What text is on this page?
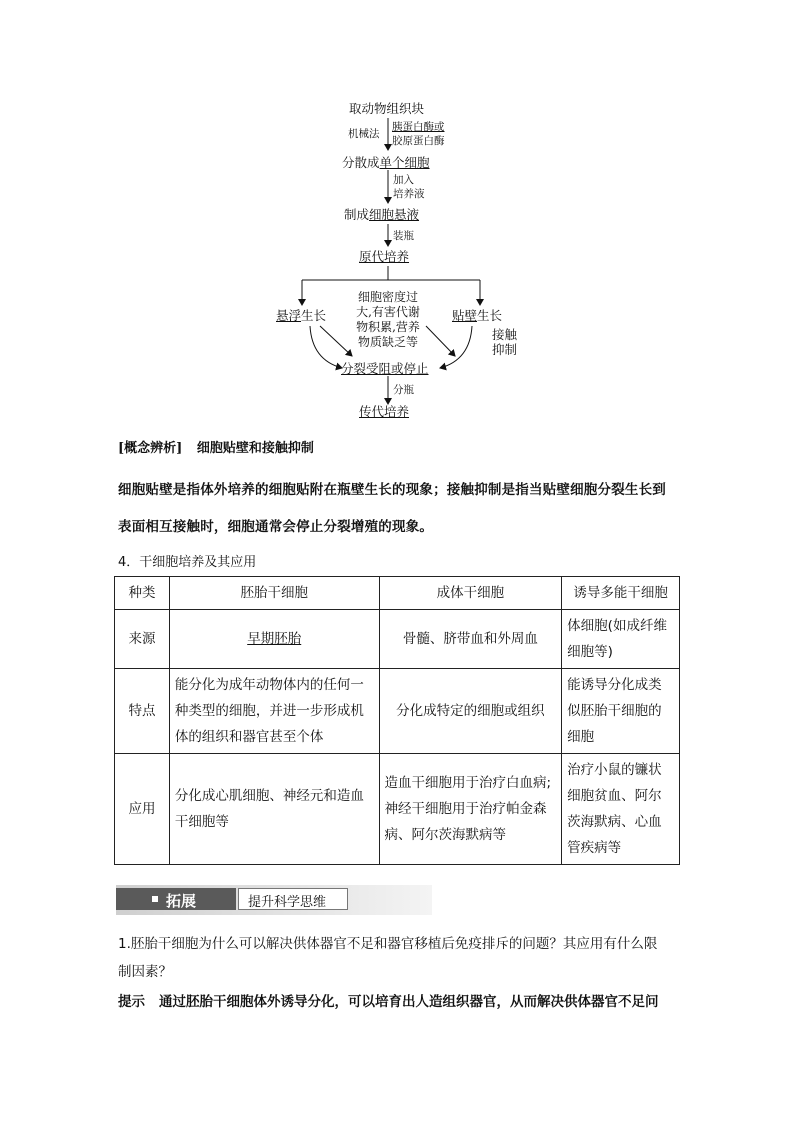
取动物组织块
机械法
胰蛋白酶或
胶原蛋白酶
分散成单个细胞
加入
培养液
制成细胞悬液
装瓶
原代培养
悬浮生长	贴壁生长
细胞密度过
大,有害代谢
物积累,营养
物质缺乏等	接触
抑制
分裂受阻或停止
分瓶
传代培养
[概念辨析] 细胞贴壁和接触抑制
细胞贴壁是指体外培养的细胞贴附在瓶壁生长的现象；接触抑制是指当贴壁细胞分裂生长到
表面相互接触时，细胞通常会停止分裂增殖的现象。
4．干细胞培养及其应用
种类	胚胎干细胞	成体干细胞	诱导多能干细胞
来源	早期胚胎	骨髓、脐带血和外周血	体细胞(如成纤维细胞等)
特点	能分化为成年动物体内的任何一种类型的细胞，并进一步形成机体的组织和器官甚至个体	分化成特定的细胞或组织	能诱导分化成类似胚胎干细胞的细胞
应用	分化成心肌细胞、神经元和造血干细胞等	造血干细胞用于治疗白血病;神经干细胞用于治疗帕金森病、阿尔茨海默病等	治疗小鼠的镰状细胞贫血、阿尔茨海默病、心血管疾病等
拓展	提升科学思维
1.胚胎干细胞为什么可以解决供体器官不足和器官移植后免疫排斥的问题？其应用有什么限
制因素？
提示 通过胚胎干细胞体外诱导分化，可以培育出人造组织器官，从而解决供体器官不足问
